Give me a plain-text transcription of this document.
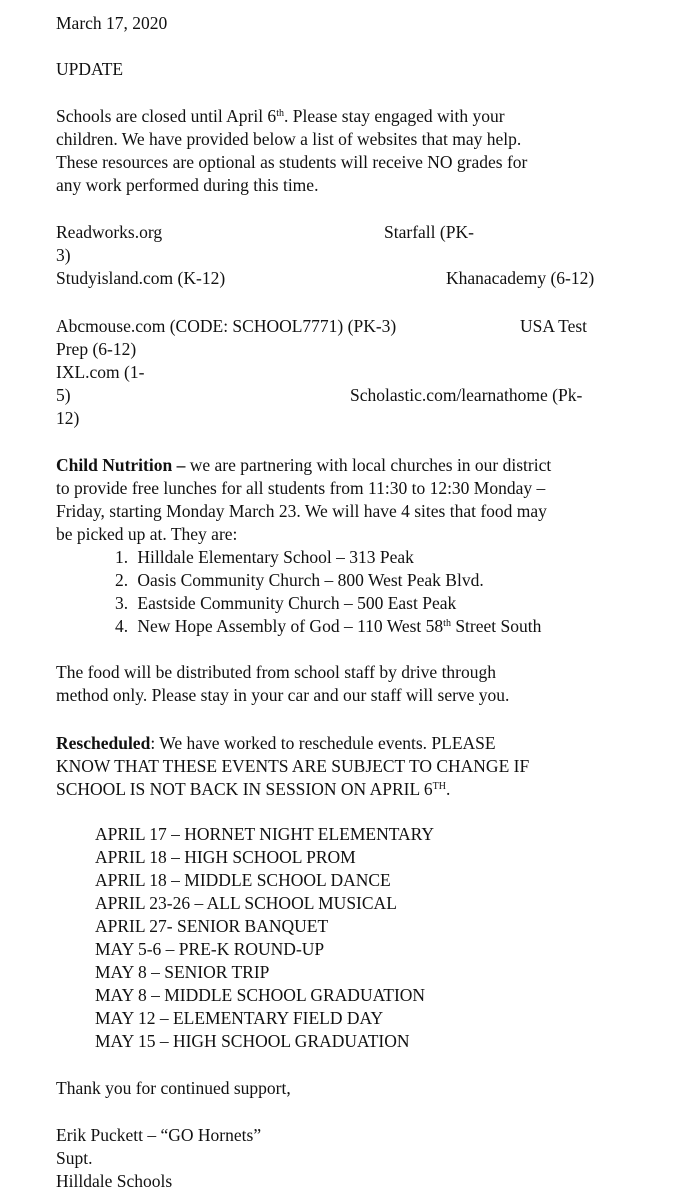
March 17, 2020
UPDATE
Schools are closed until April 6th. Please stay engaged with your
children. We have provided below a list of websites that may help.
These resources are optional as students will receive NO grades for
any work performed during this time.
Readworks.org	Starfall (PK-
3)
Studyisland.com (K-12)	Khanacademy (6-12)
Abcmouse.com (CODE: SCHOOL7771) (PK-3)	USA Test
Prep (6-12)
IXL.com (1-
5)	Scholastic.com/learnathome (Pk-
12)
Child Nutrition – we are partnering with local churches in our district
to provide free lunches for all students from 11:30 to 12:30 Monday –
Friday, starting Monday March 23. We will have 4 sites that food may
be picked up at. They are:
1. Hilldale Elementary School – 313 Peak
2. Oasis Community Church – 800 West Peak Blvd.
3. Eastside Community Church – 500 East Peak
4. New Hope Assembly of God – 110 West 58th Street South
The food will be distributed from school staff by drive through
method only. Please stay in your car and our staff will serve you.
Rescheduled: We have worked to reschedule events. PLEASE
KNOW THAT THESE EVENTS ARE SUBJECT TO CHANGE IF
SCHOOL IS NOT BACK IN SESSION ON APRIL 6TH.
APRIL 17 – HORNET NIGHT ELEMENTARY
APRIL 18 – HIGH SCHOOL PROM
APRIL 18 – MIDDLE SCHOOL DANCE
APRIL 23-26 – ALL SCHOOL MUSICAL
APRIL 27- SENIOR BANQUET
MAY 5-6 – PRE-K ROUND-UP
MAY 8 – SENIOR TRIP
MAY 8 – MIDDLE SCHOOL GRADUATION
MAY 12 – ELEMENTARY FIELD DAY
MAY 15 – HIGH SCHOOL GRADUATION
Thank you for continued support,
Erik Puckett – “GO Hornets”
Supt.
Hilldale Schools
